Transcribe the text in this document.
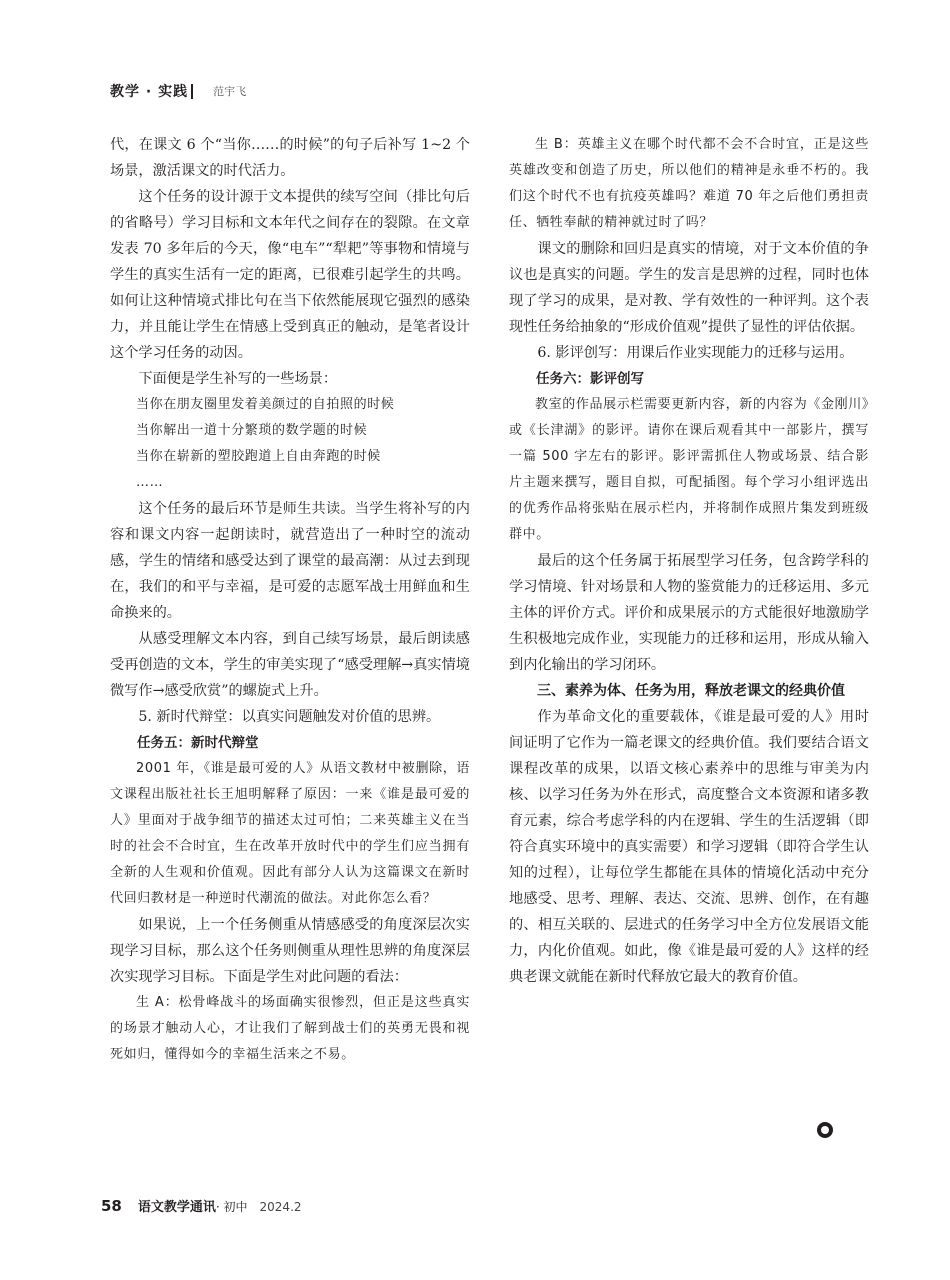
教学 · 实践 范宇飞

代，在课文 6 个“当你……的时候”的句子后补写 1~2 个场景，激活课文的时代活力。

这个任务的设计源于文本提供的续写空间（排比句后的省略号）学习目标和文本年代之间存在的裂隙。在文章发表 70 多年后的今天，像“电车”“犁耙”等事物和情境与学生的真实生活有一定的距离，已很难引起学生的共鸣。如何让这种情境式排比句在当下依然能展现它强烈的感染力，并且能让学生在情感上受到真正的触动，是笔者设计这个学习任务的动因。

下面便是学生补写的一些场景：

当你在朋友圈里发着美颜过的自拍照的时候

当你解出一道十分繁琐的数学题的时候

当你在崭新的塑胶跑道上自由奔跑的时候

……

这个任务的最后环节是师生共读。当学生将补写的内容和课文内容一起朗读时，就营造出了一种时空的流动感，学生的情绪和感受达到了课堂的最高潮：从过去到现在，我们的和平与幸福，是可爱的志愿军战士用鲜血和生命换来的。

从感受理解文本内容，到自己续写场景，最后朗读感受再创造的文本，学生的审美实现了“感受理解→真实情境微写作→感受欣赏”的螺旋式上升。

5. 新时代辩堂：以真实问题触发对价值的思辨。

任务五：新时代辩堂

2001 年，《谁是最可爱的人》从语文教材中被删除，语文课程出版社社长王旭明解释了原因：一来《谁是最可爱的人》里面对于战争细节的描述太过可怕；二来英雄主义在当时的社会不合时宜，生在改革开放时代中的学生们应当拥有全新的人生观和价值观。因此有部分人认为这篇课文在新时代回归教材是一种逆时代潮流的做法。对此你怎么看？

如果说，上一个任务侧重从情感感受的角度深层次实现学习目标，那么这个任务则侧重从理性思辨的角度深层次实现学习目标。下面是学生对此问题的看法：

生 A：松骨峰战斗的场面确实很惨烈，但正是这些真实的场景才触动人心，才让我们了解到战士们的英勇无畏和视死如归，懂得如今的幸福生活来之不易。

生 B：英雄主义在哪个时代都不会不合时宜，正是这些英雄改变和创造了历史，所以他们的精神是永垂不朽的。我们这个时代不也有抗疫英雄吗？难道 70 年之后他们勇担责任、牺牲奉献的精神就过时了吗？

课文的删除和回归是真实的情境，对于文本价值的争议也是真实的问题。学生的发言是思辨的过程，同时也体现了学习的成果，是对教、学有效性的一种评判。这个表现性任务给抽象的“形成价值观”提供了显性的评估依据。

6. 影评创写：用课后作业实现能力的迁移与运用。

任务六：影评创写

教室的作品展示栏需要更新内容，新的内容为《金刚川》或《长津湖》的影评。请你在课后观看其中一部影片，撰写一篇 500 字左右的影评。影评需抓住人物或场景、结合影片主题来撰写，题目自拟，可配插图。每个学习小组评选出的优秀作品将张贴在展示栏内，并将制作成照片集发到班级群中。

最后的这个任务属于拓展型学习任务，包含跨学科的学习情境、针对场景和人物的鉴赏能力的迁移运用、多元主体的评价方式。评价和成果展示的方式能很好地激励学生积极地完成作业，实现能力的迁移和运用，形成从输入到内化输出的学习闭环。

三、素养为体、任务为用，释放老课文的经典价值

作为革命文化的重要载体，《谁是最可爱的人》用时间证明了它作为一篇老课文的经典价值。我们要结合语文课程改革的成果，以语文核心素养中的思维与审美为内核、以学习任务为外在形式，高度整合文本资源和诸多教育元素，综合考虑学科的内在逻辑、学生的生活逻辑（即符合真实环境中的真实需要）和学习逻辑（即符合学生认知的过程），让每位学生都能在具体的情境化活动中充分地感受、思考、理解、表达、交流、思辨、创作，在有趣的、相互关联的、层进式的任务学习中全方位发展语文能力，内化价值观。如此，像《谁是最可爱的人》这样的经典老课文就能在新时代释放它最大的教育价值。

58 语文教学通讯 · 初中 2024.2
